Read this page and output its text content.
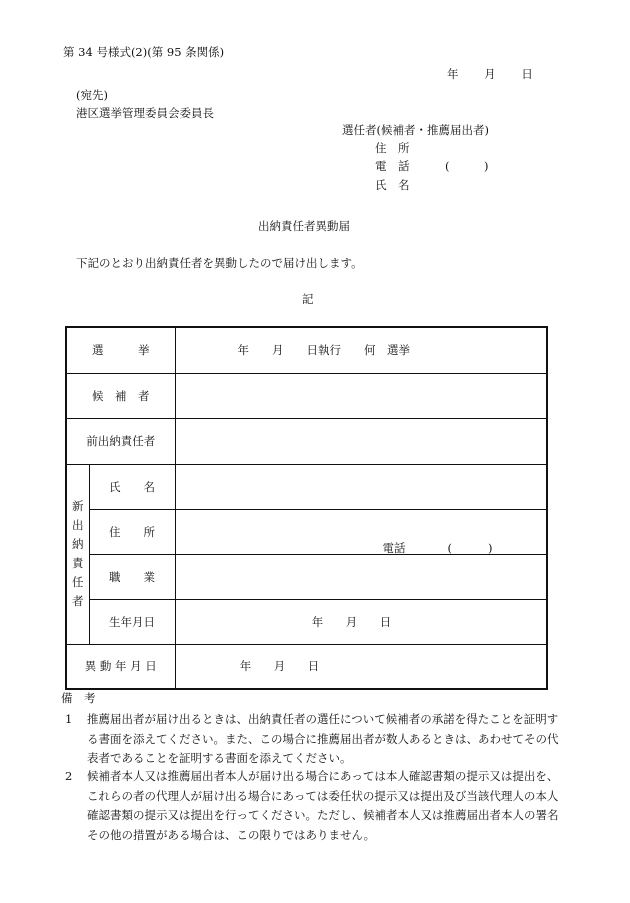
第 34 号様式(2)(第 95 条関係)
年 月 日
(宛先)
港区選挙管理委員会委員長
選任者(候補者・推薦届出者)
住　所
電　話	(　　　)
氏　名
出納責任者異動届
下記のとおり出納責任者を異動したので届け出します。
記
選　　　挙		年　　月　　日執行　　何　選挙
候　補　者		
前出納責任者		

新出納責任者	氏　　名	
	住　　所	電話 ( )

	職　　業	
	生年月日	年 月 日
異 動 年 月 日		年 月 日
備　考
1 推薦届出者が届け出るときは、出納責任者の選任について候補者の承諾を得たことを証明する書面を添えてください。また、この場合に推薦届出者が数人あるときは、あわせてその代表者であることを証明する書面を添えてください。
2 候補者本人又は推薦届出者本人が届け出る場合にあっては本人確認書類の提示又は提出を、これらの者の代理人が届け出る場合にあっては委任状の提示又は提出及び当該代理人の本人確認書類の提示又は提出を行ってください。ただし、候補者本人又は推薦届出者本人の署名その他の措置がある場合は、この限りではありません。
